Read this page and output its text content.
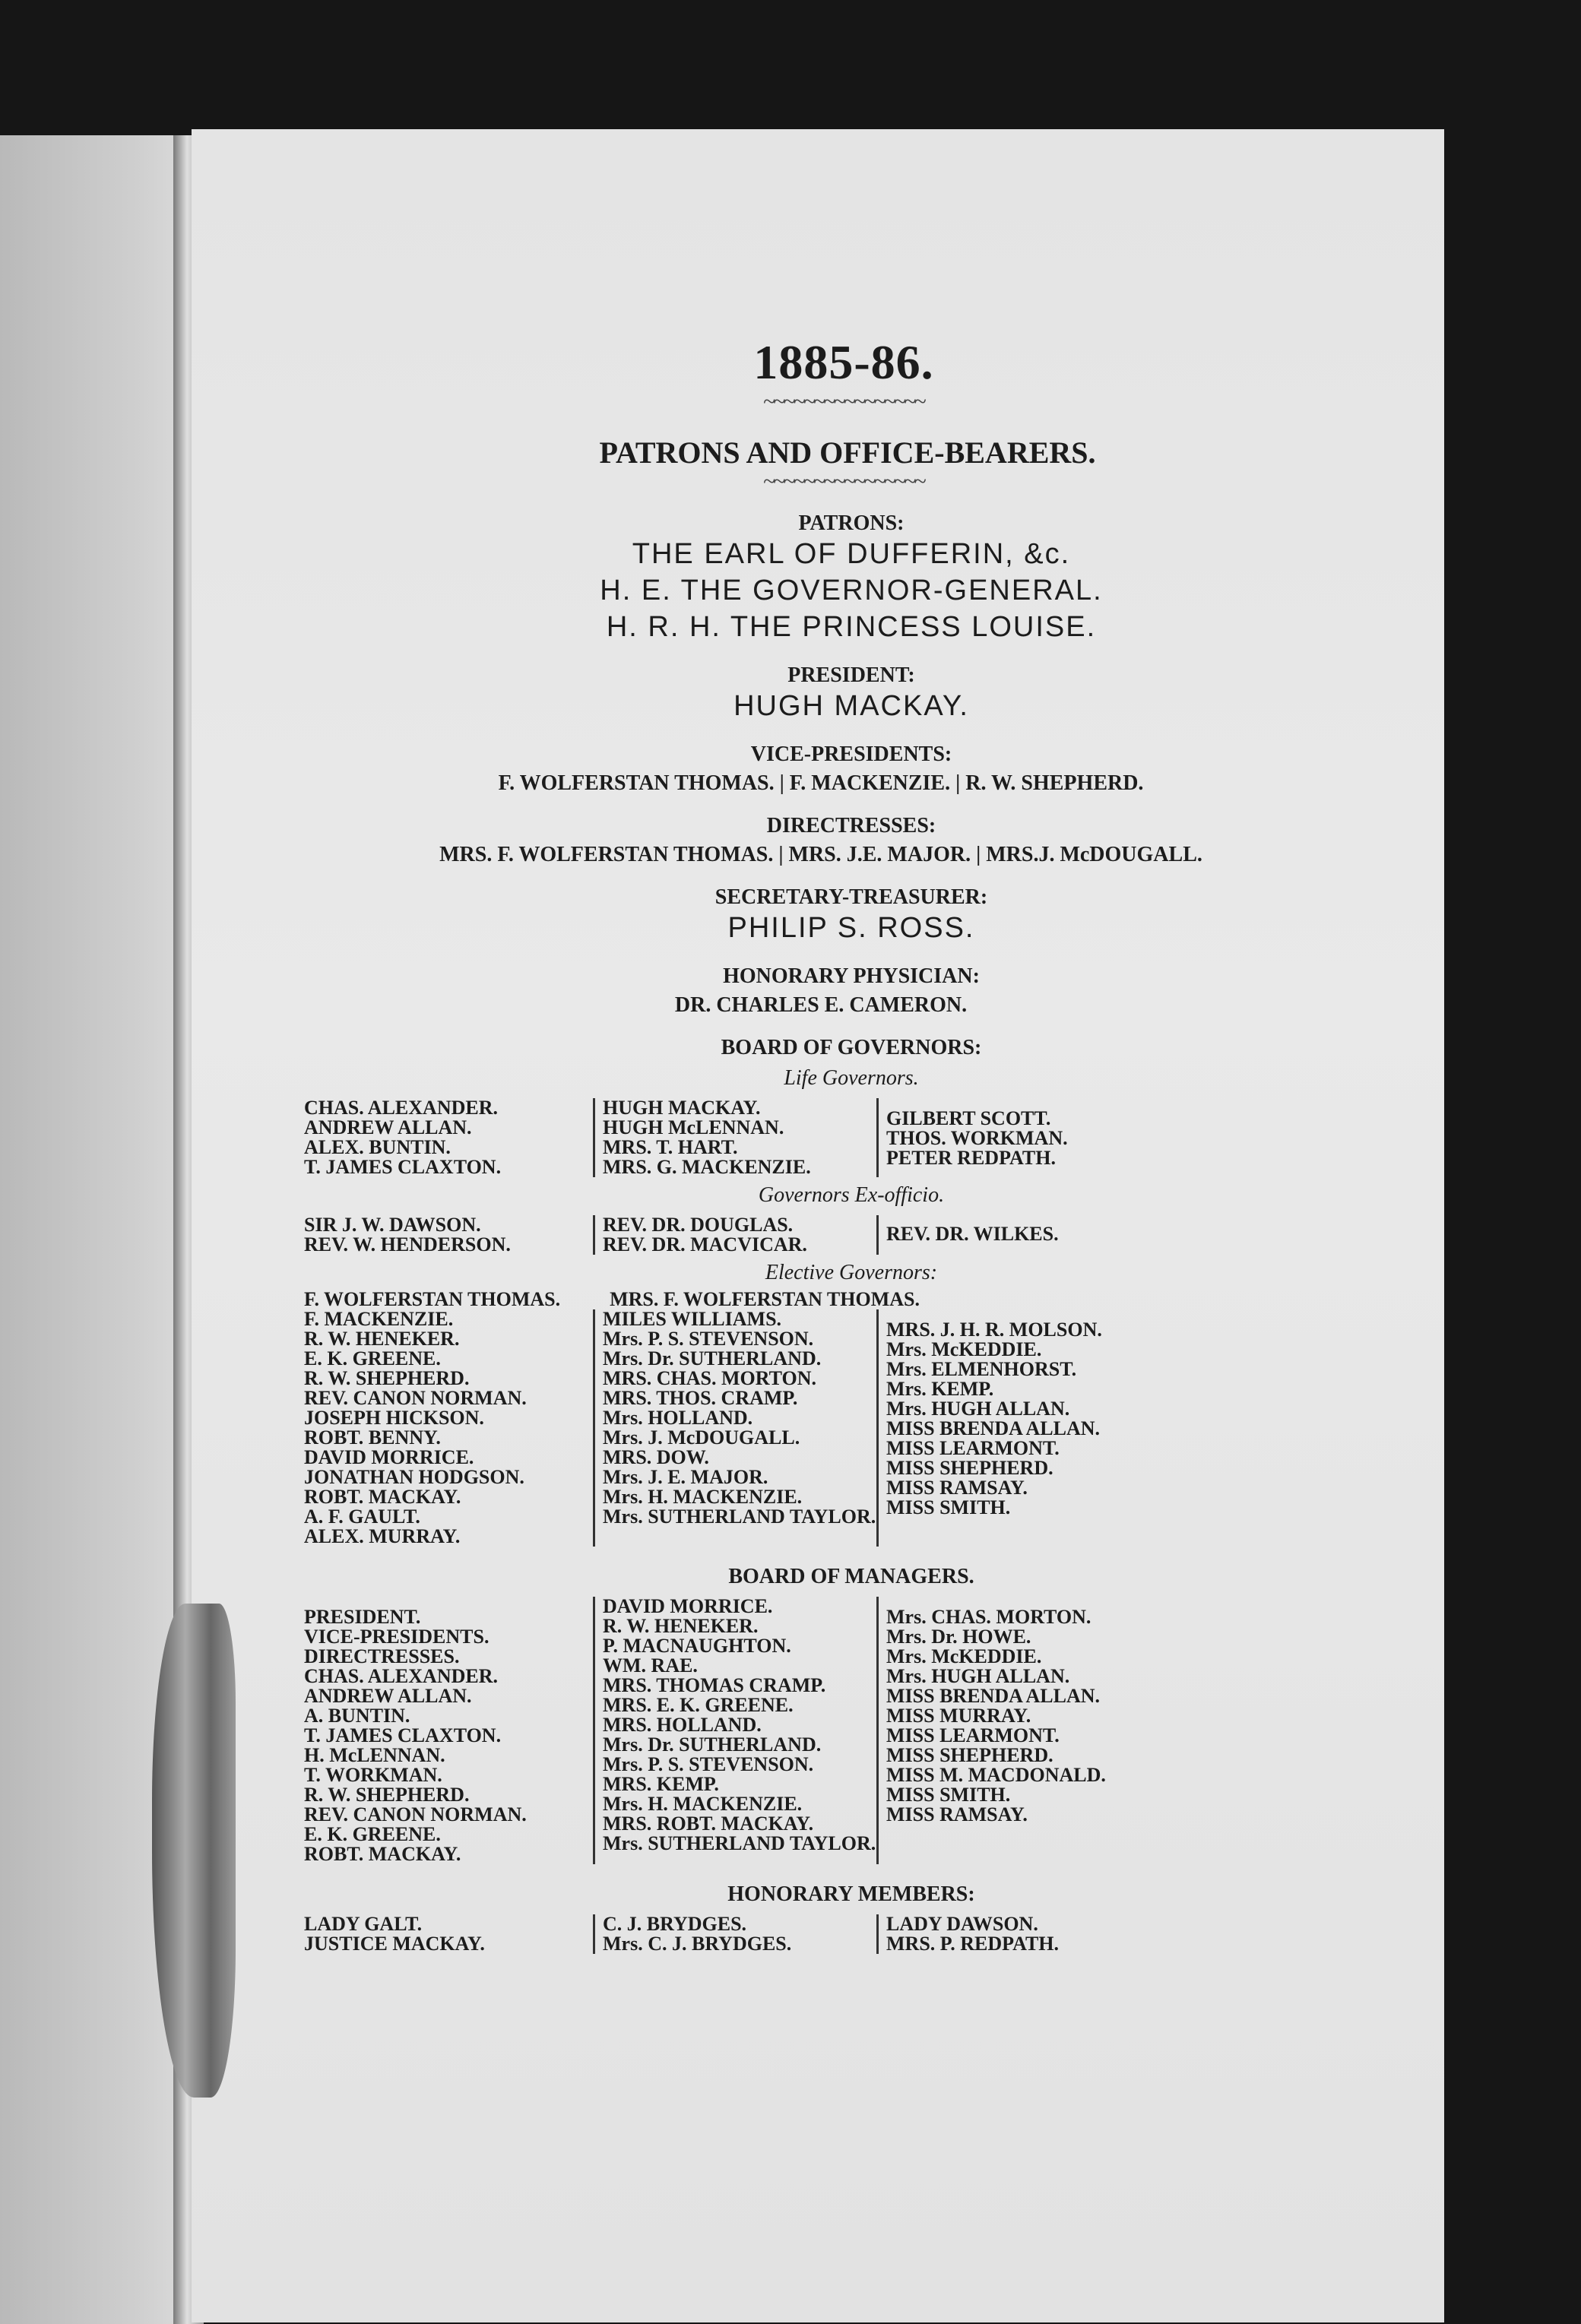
1885-86.
~~~~~~~~~~~~~~~~
PATRONS AND OFFICE-BEARERS.
~~~~~~~~~~~~~~~~
PATRONS:
THE EARL OF DUFFERIN, &c.
H. E. THE GOVERNOR-GENERAL.
H. R. H. THE PRINCESS LOUISE.
PRESIDENT:
HUGH MACKAY.
VICE-PRESIDENTS:
F. WOLFERSTAN THOMAS. | F. MACKENZIE. | R. W. SHEPHERD.
DIRECTRESSES:
MRS. F. WOLFERSTAN THOMAS. | MRS. J.E. MAJOR. | MRS.J. McDOUGALL.
SECRETARY-TREASURER:
PHILIP S. ROSS.
HONORARY PHYSICIAN:
DR. CHARLES E. CAMERON.
BOARD OF GOVERNORS:
Life Governors.
CHAS. ALEXANDER.
ANDREW ALLAN.
ALEX. BUNTIN.
T. JAMES CLAXTON.
HUGH MACKAY.
HUGH McLENNAN.
MRS. T. HART.
MRS. G. MACKENZIE.
GILBERT SCOTT.
THOS. WORKMAN.
PETER REDPATH.
Governors Ex-officio.
SIR J. W. DAWSON.
REV. W. HENDERSON.
REV. DR. DOUGLAS.
REV. DR. MACVICAR.	REV. DR. WILKES.
Elective Governors:
F. WOLFERSTAN THOMAS.          MRS. F. WOLFERSTAN THOMAS.
F. MACKENZIE.
R. W. HENEKER.
E. K. GREENE.
R. W. SHEPHERD.
REV. CANON NORMAN.
JOSEPH HICKSON.
ROBT. BENNY.
DAVID MORRICE.
JONATHAN HODGSON.
ROBT. MACKAY.
A. F. GAULT.
ALEX. MURRAY.
MILES WILLIAMS.
Mrs. P. S. STEVENSON.
Mrs. Dr. SUTHERLAND.
MRS. CHAS. MORTON.
MRS. THOS. CRAMP.
Mrs. HOLLAND.
Mrs. J. McDOUGALL.
MRS. DOW.
Mrs. J. E. MAJOR.
Mrs. H. MACKENZIE.
Mrs. SUTHERLAND TAYLOR.
MRS. J. H. R. MOLSON.
Mrs. McKEDDIE.
Mrs. ELMENHORST.
Mrs. KEMP.
Mrs. HUGH ALLAN.
MISS BRENDA ALLAN.
MISS LEARMONT.
MISS SHEPHERD.
MISS RAMSAY.
MISS SMITH.
BOARD OF MANAGERS.
PRESIDENT.
VICE-PRESIDENTS.
DIRECTRESSES.
CHAS. ALEXANDER.
ANDREW ALLAN.
A. BUNTIN.
T. JAMES CLAXTON.
H. McLENNAN.
T. WORKMAN.
R. W. SHEPHERD.
REV. CANON NORMAN.
E. K. GREENE.
ROBT. MACKAY.
DAVID MORRICE.
R. W. HENEKER.
P. MACNAUGHTON.
WM. RAE.
MRS. THOMAS CRAMP.
MRS. E. K. GREENE.
MRS. HOLLAND.
Mrs. Dr. SUTHERLAND.
Mrs. P. S. STEVENSON.
MRS. KEMP.
Mrs. H. MACKENZIE.
MRS. ROBT. MACKAY.
Mrs. SUTHERLAND TAYLOR.
Mrs. CHAS. MORTON.
Mrs. Dr. HOWE.
Mrs. McKEDDIE.
Mrs. HUGH ALLAN.
MISS BRENDA ALLAN.
MISS MURRAY.
MISS LEARMONT.
MISS SHEPHERD.
MISS M. MACDONALD.
MISS SMITH.
MISS RAMSAY.
HONORARY MEMBERS:
LADY GALT.
JUSTICE MACKAY.
C. J. BRYDGES.
Mrs. C. J. BRYDGES.
LADY DAWSON.
MRS. P. REDPATH.
